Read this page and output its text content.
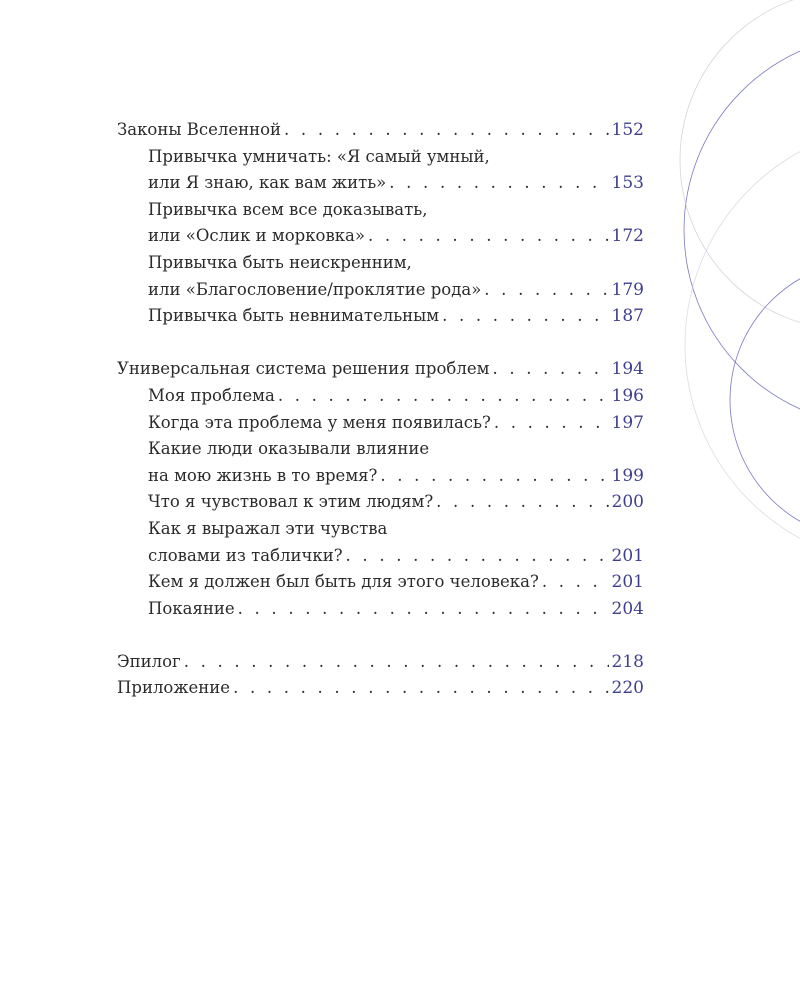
Законы Вселенной . . .	152
Привычка умничать: «Я самый умный,
или Я знаю, как вам жить» . . .	153
Привычка всем все доказывать,
или «Ослик и морковка» . . .	172
Привычка быть неискренним,
или «Благословение/проклятие рода» . . .	179
Привычка быть невнимательным . . .	187
Универсальная система решения проблем . . .	194
Моя проблема . . .	196
Когда эта проблема у меня появилась? . . .	197
Какие люди оказывали влияние
на мою жизнь в то время? . . .	199
Что я чувствовал к этим людям? . . .	200
Как я выражал эти чувства
словами из таблички? . . .	201
Кем я должен был быть для этого человека? . . .	201
Покаяние . . .	204
Эпилог . . .	218
Приложение . . .	220
